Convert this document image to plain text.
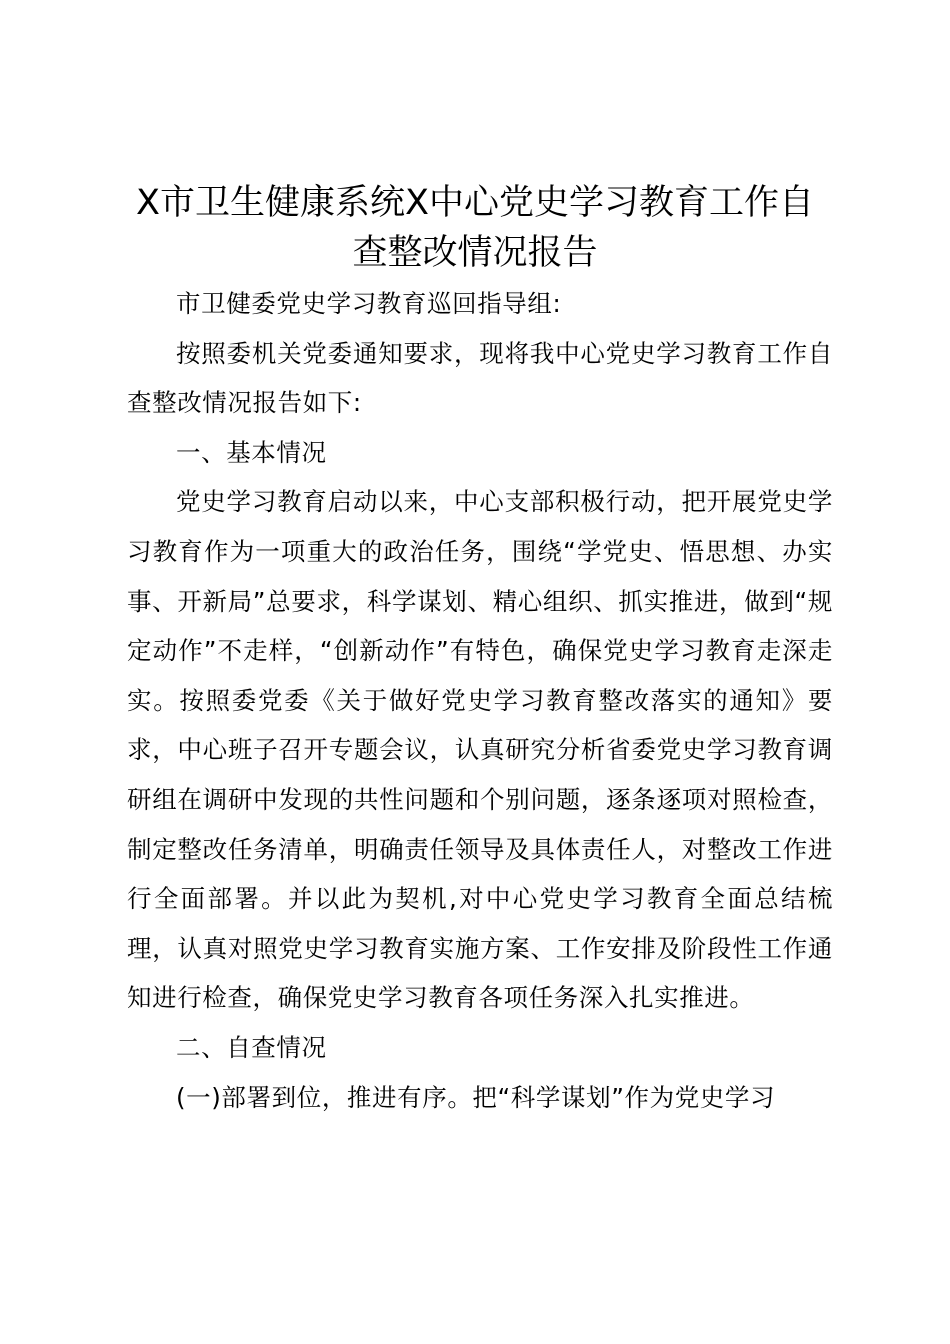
X市卫生健康系统X中心党史学习教育工作自查整改情况报告

市卫健委党史学习教育巡回指导组:

按照委机关党委通知要求，现将我中心党史学习教育工作自查整改情况报告如下:

一、基本情况

党史学习教育启动以来，中心支部积极行动，把开展党史学习教育作为一项重大的政治任务，围绕“学党史、悟思想、办实事、开新局”总要求，科学谋划、精心组织、抓实推进，做到“规定动作”不走样，“创新动作”有特色，确保党史学习教育走深走实。按照委党委《关于做好党史学习教育整改落实的通知》要求，中心班子召开专题会议，认真研究分析省委党史学习教育调研组在调研中发现的共性问题和个别问题，逐条逐项对照检查，制定整改任务清单，明确责任领导及具体责任人，对整改工作进行全面部署。并以此为契机,对中心党史学习教育全面总结梳理，认真对照党史学习教育实施方案、工作安排及阶段性工作通知进行检查，确保党史学习教育各项任务深入扎实推进。

二、自查情况

(一)部署到位，推进有序。把“科学谋划”作为党史学习
